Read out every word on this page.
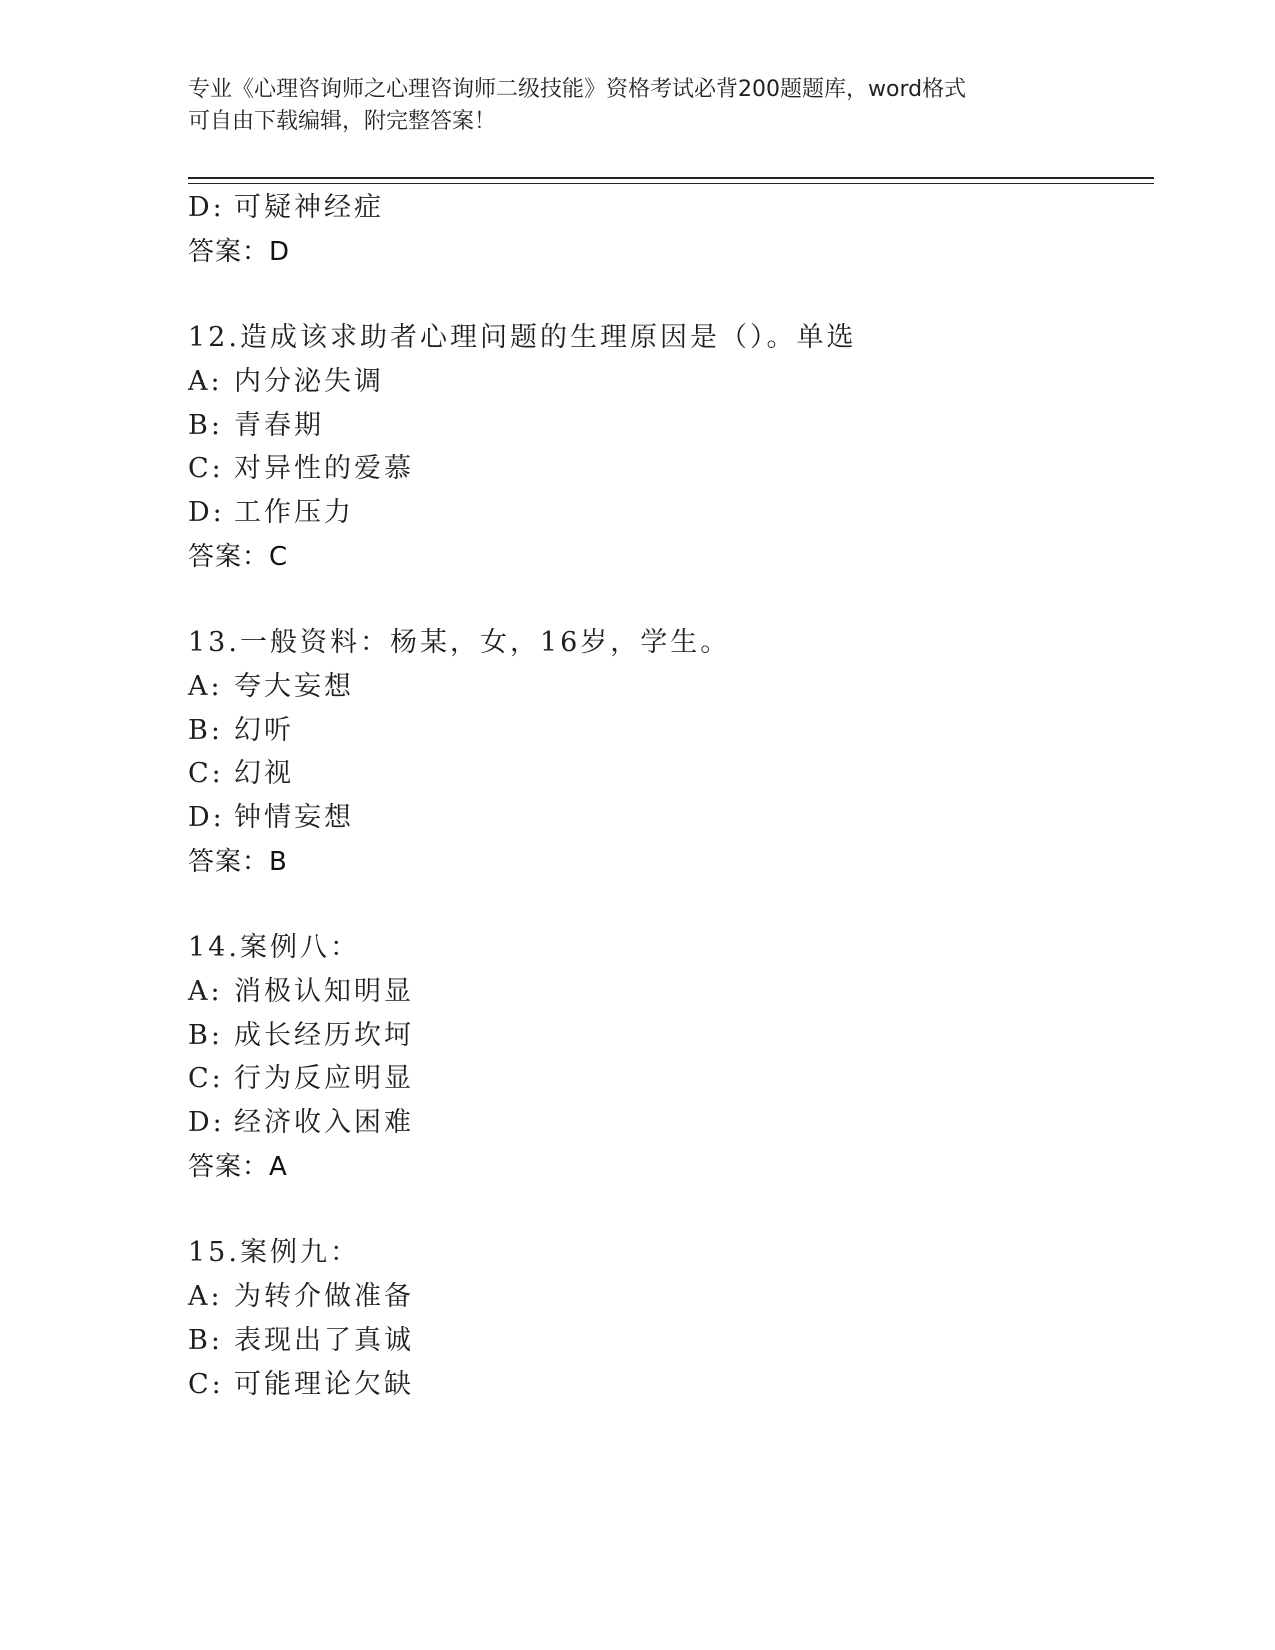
专业《心理咨询师之心理咨询师二级技能》资格考试必背200题题库，word格式
可自由下载编辑，附完整答案！
D: 可疑神经症
答案：D
12.造成该求助者心理问题的生理原因是（）。单选
A: 内分泌失调
B: 青春期
C: 对异性的爱慕
D: 工作压力
答案：C
13.一般资料：杨某，女，16岁，学生。
A: 夸大妄想
B: 幻听
C: 幻视
D: 钟情妄想
答案：B
14.案例八：
A: 消极认知明显
B: 成长经历坎坷
C: 行为反应明显
D: 经济收入困难
答案：A
15.案例九：
A: 为转介做准备
B: 表现出了真诚
C: 可能理论欠缺
